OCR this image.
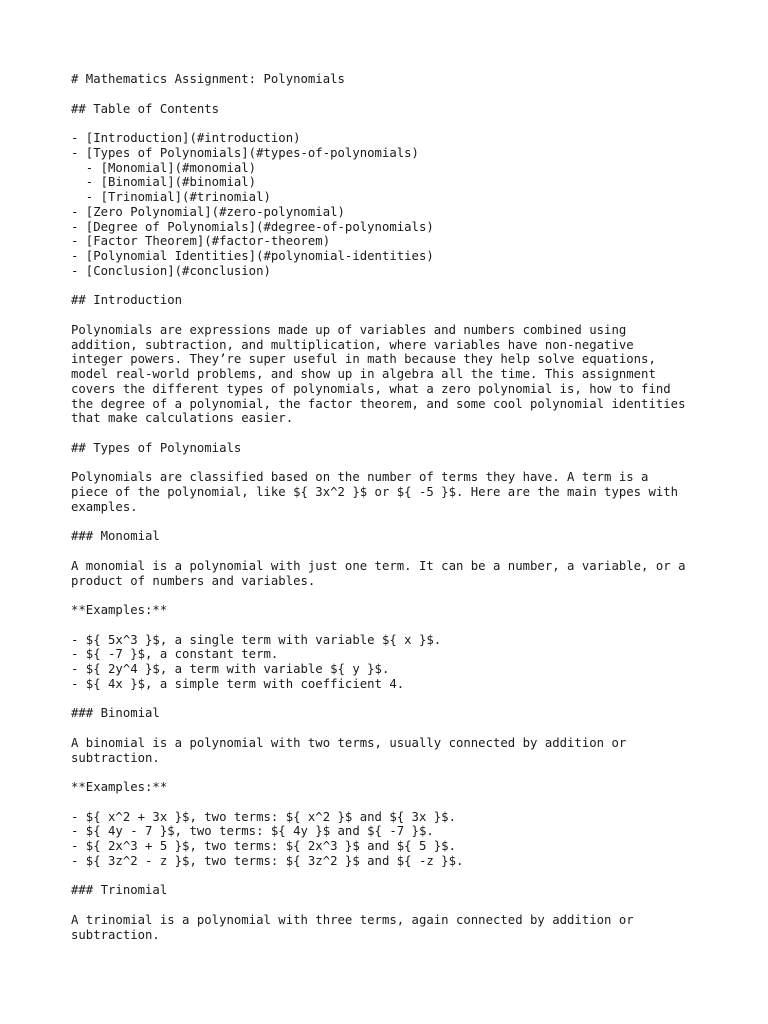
# Mathematics Assignment: Polynomials
## Table of Contents
- [Introduction](#introduction)
- [Types of Polynomials](#types-of-polynomials)
- [Monomial](#monomial)
- [Binomial](#binomial)
- [Trinomial](#trinomial)
- [Zero Polynomial](#zero-polynomial)
- [Degree of Polynomials](#degree-of-polynomials)
- [Factor Theorem](#factor-theorem)
- [Polynomial Identities](#polynomial-identities)
- [Conclusion](#conclusion)
## Introduction
Polynomials are expressions made up of variables and numbers combined using
addition, subtraction, and multiplication, where variables have non-negative
integer powers. They’re super useful in math because they help solve equations,
model real-world problems, and show up in algebra all the time. This assignment
covers the different types of polynomials, what a zero polynomial is, how to find
the degree of a polynomial, the factor theorem, and some cool polynomial identities
that make calculations easier.
## Types of Polynomials
Polynomials are classified based on the number of terms they have. A term is a
piece of the polynomial, like ${ 3x^2 }$ or ${ -5 }$. Here are the main types with
examples.
### Monomial
A monomial is a polynomial with just one term. It can be a number, a variable, or a
product of numbers and variables.
**Examples:**
- ${ 5x^3 }$, a single term with variable ${ x }$.
- ${ -7 }$, a constant term.
- ${ 2y^4 }$, a term with variable ${ y }$.
- ${ 4x }$, a simple term with coefficient 4.
### Binomial
A binomial is a polynomial with two terms, usually connected by addition or
subtraction.
**Examples:**
- ${ x^2 + 3x }$, two terms: ${ x^2 }$ and ${ 3x }$.
- ${ 4y - 7 }$, two terms: ${ 4y }$ and ${ -7 }$.
- ${ 2x^3 + 5 }$, two terms: ${ 2x^3 }$ and ${ 5 }$.
- ${ 3z^2 - z }$, two terms: ${ 3z^2 }$ and ${ -z }$.
### Trinomial
A trinomial is a polynomial with three terms, again connected by addition or
subtraction.
